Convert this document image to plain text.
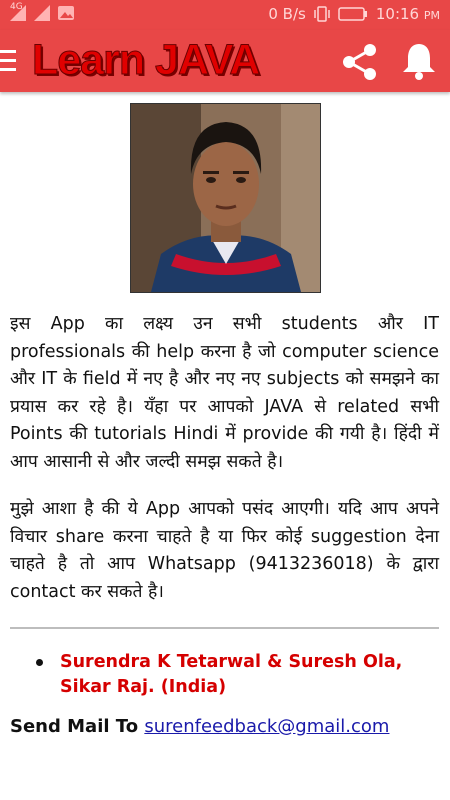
4G	0 B/s	10:16 PM
Learn JAVA

इस App का लक्ष्य उन सभी students और IT professionals की help करना है जो computer science और IT के field में नए है और नए नए subjects को समझने का प्रयास कर रहे है। यँहा पर आपको JAVA से related सभी Points की tutorials Hindi में provide की गयी है। हिंदी में आप आसानी से और जल्दी समझ सकते है।

मुझे आशा है की ये App आपको पसंद आएगी। यदि आप अपने विचार share करना चाहते है या फिर कोई suggestion देना चाहते है तो आप Whatsapp (9413236018) के द्वारा contact कर सकते है।

Surendra K Tetarwal & Suresh Ola, Sikar Raj. (India)
Send Mail To surenfeedback@gmail.com
